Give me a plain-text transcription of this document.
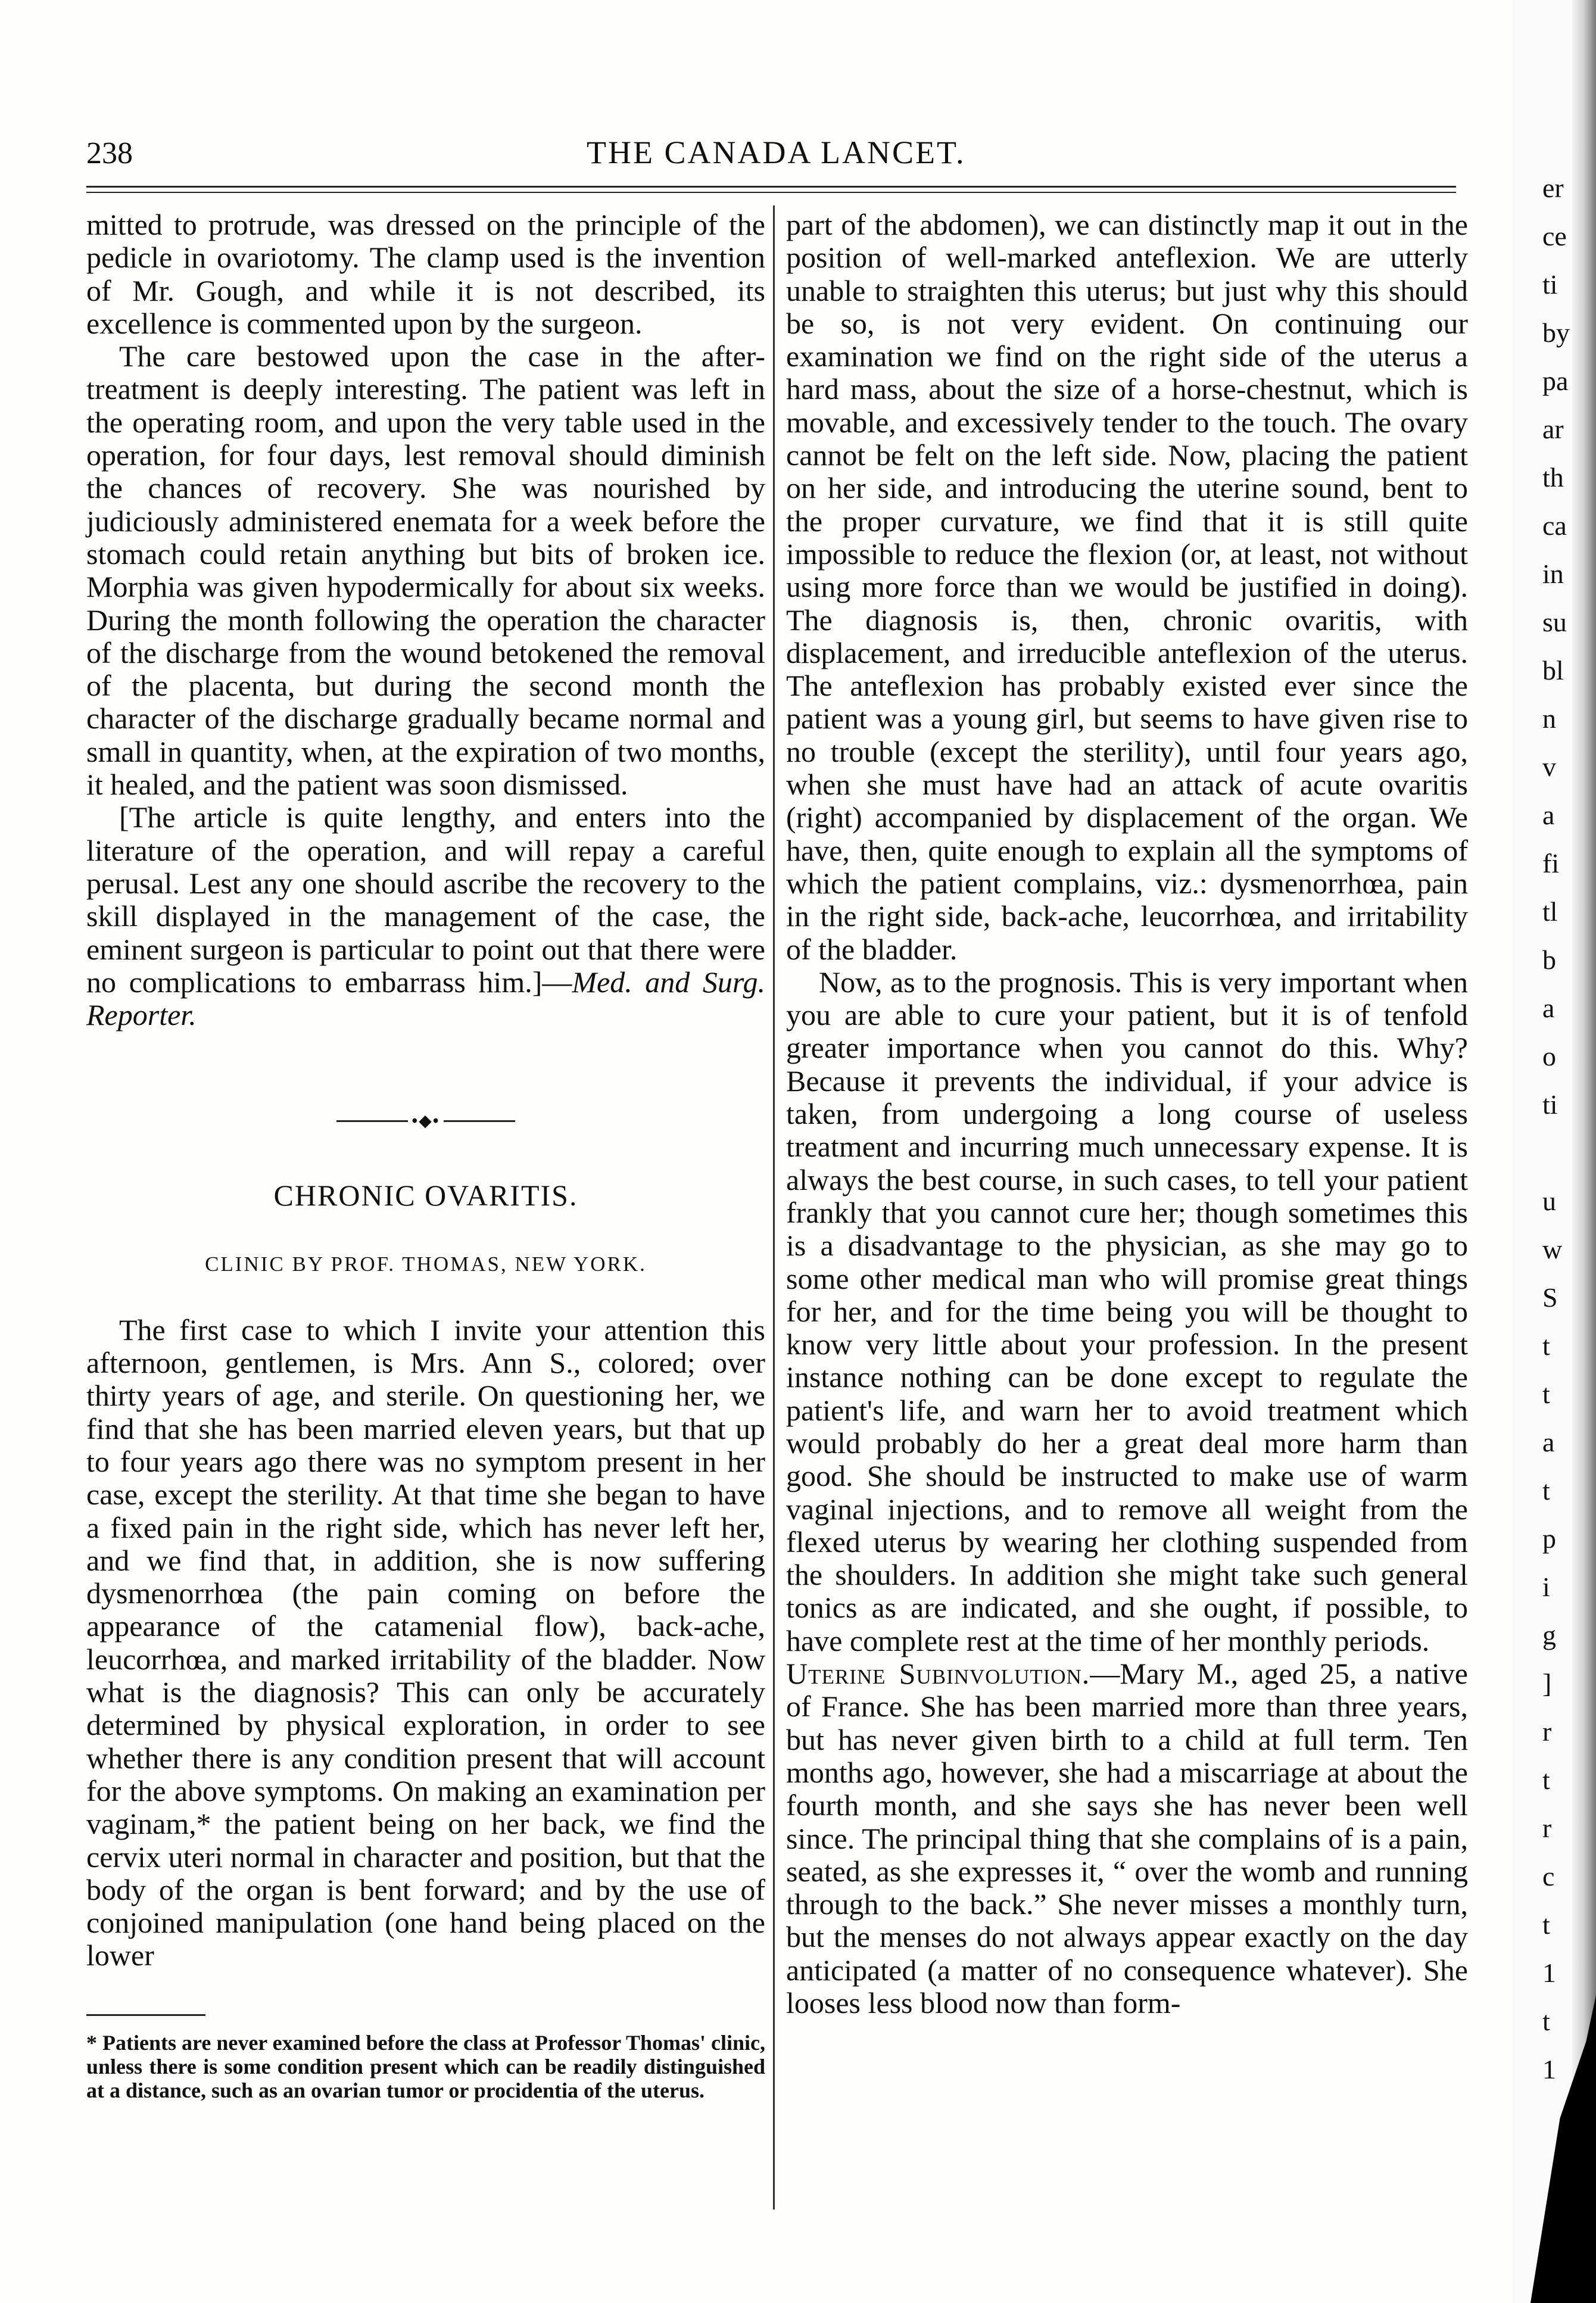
238	THE CANADA LANCET.

mitted to protrude, was dressed on the principle of the pedicle in ovariotomy. The clamp used is the invention of Mr. Gough, and while it is not described, its excellence is commented upon by the surgeon.

The care bestowed upon the case in the after-treatment is deeply interesting. The patient was left in the operating room, and upon the very table used in the operation, for four days, lest removal should diminish the chances of recovery. She was nourished by judiciously administered enemata for a week before the stomach could retain anything but bits of broken ice. Morphia was given hypodermically for about six weeks. During the month following the operation the character of the discharge from the wound betokened the removal of the placenta, but during the second month the character of the discharge gradually became normal and small in quantity, when, at the expiration of two months, it healed, and the patient was soon dismissed.

[The article is quite lengthy, and enters into the literature of the operation, and will repay a careful perusal. Lest any one should ascribe the recovery to the skill displayed in the management of the case, the eminent surgeon is particular to point out that there were no complications to embarrass him.]—Med. and Surg. Reporter.

•◆•
CHRONIC OVARITIS.
CLINIC BY PROF. THOMAS, NEW YORK.

The first case to which I invite your attention this afternoon, gentlemen, is Mrs. Ann S., colored; over thirty years of age, and sterile. On questioning her, we find that she has been married eleven years, but that up to four years ago there was no symptom present in her case, except the sterility. At that time she began to have a fixed pain in the right side, which has never left her, and we find that, in addition, she is now suffering dysmenorrhœa (the pain coming on before the appearance of the catamenial flow), back-ache, leucorrhœa, and marked irritability of the bladder. Now what is the diagnosis? This can only be accurately determined by physical exploration, in order to see whether there is any condition present that will account for the above symptoms. On making an examination per vaginam,* the patient being on her back, we find the cervix uteri normal in character and position, but that the body of the organ is bent forward; and by the use of conjoined manipulation (one hand being placed on the lower

* Patients are never examined before the class at Professor Thomas' clinic, unless there is some condition present which can be readily distinguished at a distance, such as an ovarian tumor or procidentia of the uterus.

part of the abdomen), we can distinctly map it out in the position of well-marked anteflexion. We are utterly unable to straighten this uterus; but just why this should be so, is not very evident. On continuing our examination we find on the right side of the uterus a hard mass, about the size of a horse-chestnut, which is movable, and excessively tender to the touch. The ovary cannot be felt on the left side. Now, placing the patient on her side, and introducing the uterine sound, bent to the proper curvature, we find that it is still quite impossible to reduce the flexion (or, at least, not without using more force than we would be justified in doing). The diagnosis is, then, chronic ovaritis, with displacement, and irreducible anteflexion of the uterus. The anteflexion has probably existed ever since the patient was a young girl, but seems to have given rise to no trouble (except the sterility), until four years ago, when she must have had an attack of acute ovaritis (right) accompanied by displacement of the organ. We have, then, quite enough to explain all the symptoms of which the patient complains, viz.: dysmenorrhœa, pain in the right side, back-ache, leucorrhœa, and irritability of the bladder.

Now, as to the prognosis. This is very important when you are able to cure your patient, but it is of tenfold greater importance when you cannot do this. Why? Because it prevents the individual, if your advice is taken, from undergoing a long course of useless treatment and incurring much unnecessary expense. It is always the best course, in such cases, to tell your patient frankly that you cannot cure her; though sometimes this is a disadvantage to the physician, as she may go to some other medical man who will promise great things for her, and for the time being you will be thought to know very little about your profession. In the present instance nothing can be done except to regulate the patient's life, and warn her to avoid treatment which would probably do her a great deal more harm than good. She should be instructed to make use of warm vaginal injections, and to remove all weight from the flexed uterus by wearing her clothing suspended from the shoulders. In addition she might take such general tonics as are indicated, and she ought, if possible, to have complete rest at the time of her monthly periods.

Uterine Subinvolution.—Mary M., aged 25, a native of France. She has been married more than three years, but has never given birth to a child at full term. Ten months ago, however, she had a miscarriage at about the fourth month, and she says she has never been well since. The principal thing that she complains of is a pain, seated, as she expresses it, “ over the womb and running through to the back.” She never misses a monthly turn, but the menses do not always appear exactly on the day anticipated (a matter of no consequence whatever). She looses less blood now than form-

er
ce
ti
by
pa
ar
th
ca
in
su
bl
n
v
a
fi
tl
b
a
o
ti
u
w
S
t
t
a
t
p
i
g
]
r
t
r
c
t
1
t
1
